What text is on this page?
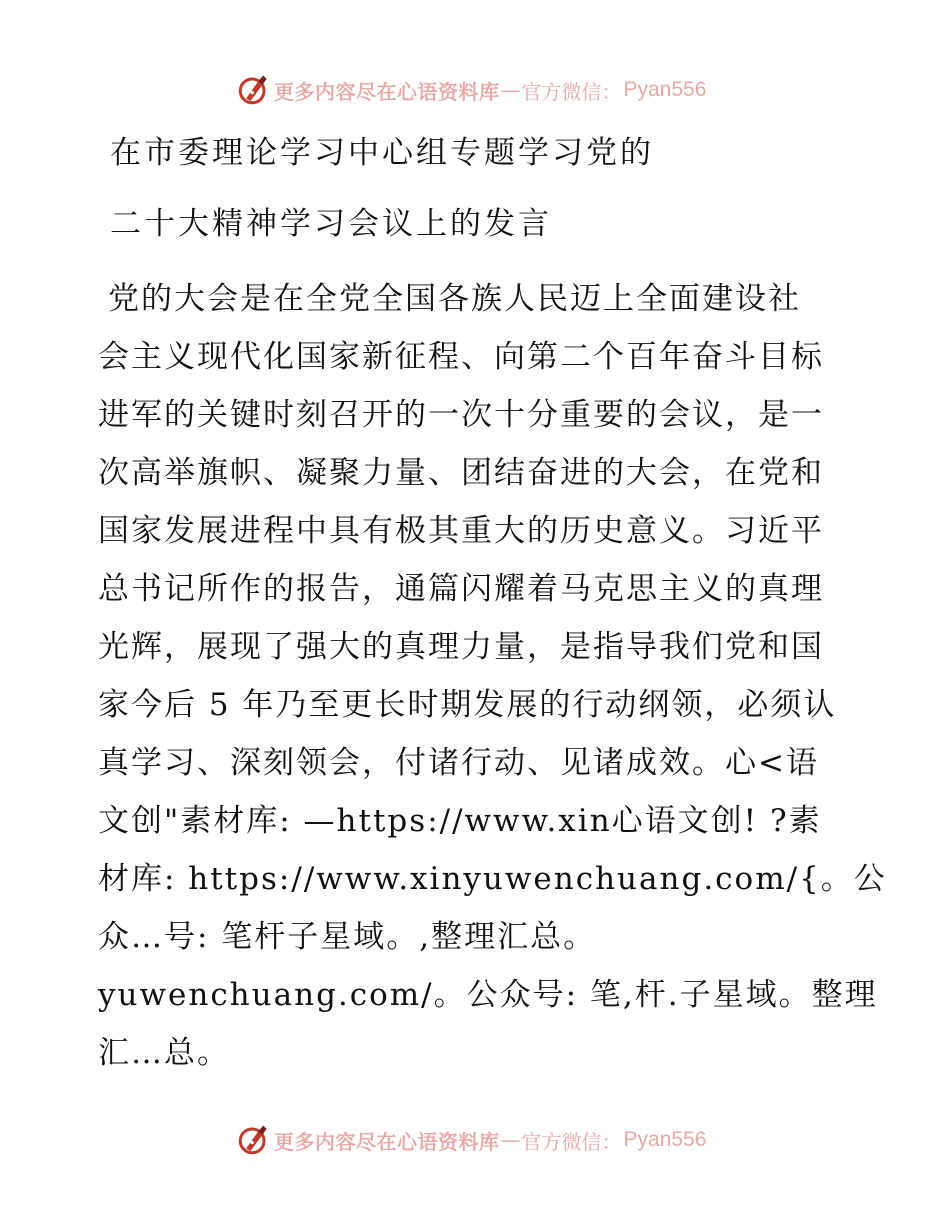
更多内容尽在心语资料库 — 官方微信： Pyan556
在市委理论学习中心组专题学习党的
二十大精神学习会议上的发言
党的大会是在全党全国各族人民迈上全面建设社
会主义现代化国家新征程、向第二个百年奋斗目标
进军的关键时刻召开的一次十分重要的会议，是一
次高举旗帜、凝聚力量、团结奋进的大会，在党和
国家发展进程中具有极其重大的历史意义。习近平
总书记所作的报告，通篇闪耀着马克思主义的真理
光辉，展现了强大的真理力量，是指导我们党和国
家今后 5 年乃至更长时期发展的行动纲领，必须认
真学习、深刻领会，付诸行动、见诸成效。心<语
文创"素材库: —https://www.xin心语文创! ?素
材库: https://www.xinyuwenchuang.com/{。公
众…号: 笔杆子星域。,整理汇总。
yuwenchuang.com/。公众号: 笔,杆.子星域。整理
汇…总。
更多内容尽在心语资料库 — 官方微信： Pyan556
